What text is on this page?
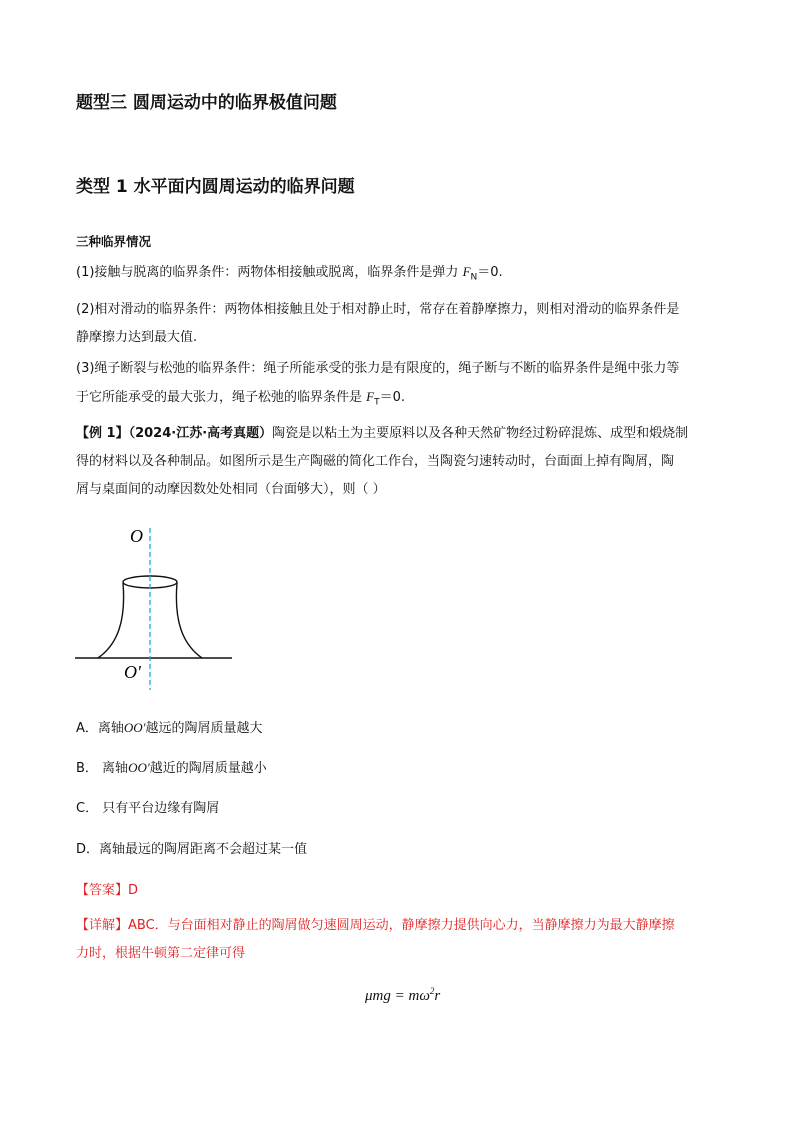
题型三 圆周运动中的临界极值问题
类型 1 水平面内圆周运动的临界问题
三种临界情况
(1)接触与脱离的临界条件：两物体相接触或脱离，临界条件是弹力 $F_N=0$.
(2)相对滑动的临界条件：两物体相接触且处于相对静止时，常存在着静摩擦力，则相对滑动的临界条件是
静摩擦力达到最大值.
(3)绳子断裂与松弛的临界条件：绳子所能承受的张力是有限度的，绳子断与不断的临界条件是绳中张力等
于它所能承受的最大张力，绳子松弛的临界条件是 $F_T=0$.
【例 1】（2024·江苏·高考真题）陶瓷是以粘土为主要原料以及各种天然矿物经过粉碎混炼、成型和煅烧制
得的材料以及各种制品。如图所示是生产陶磁的简化工作台，当陶瓷匀速转动时，台面面上掉有陶屑，陶
屑与桌面间的动摩因数处处相同（台面够大），则（ ）
O
O′
A．离轴OO′越远的陶屑质量越大
B． 离轴OO′越近的陶屑质量越小
C． 只有平台边缘有陶屑
D．离轴最远的陶屑距离不会超过某一值
【答案】D
【详解】ABC．与台面相对静止的陶屑做匀速圆周运动，静摩擦力提供向心力，当静摩擦力为最大静摩擦
力时，根据牛顿第二定律可得
$\mu mg = m\omega^2r$
